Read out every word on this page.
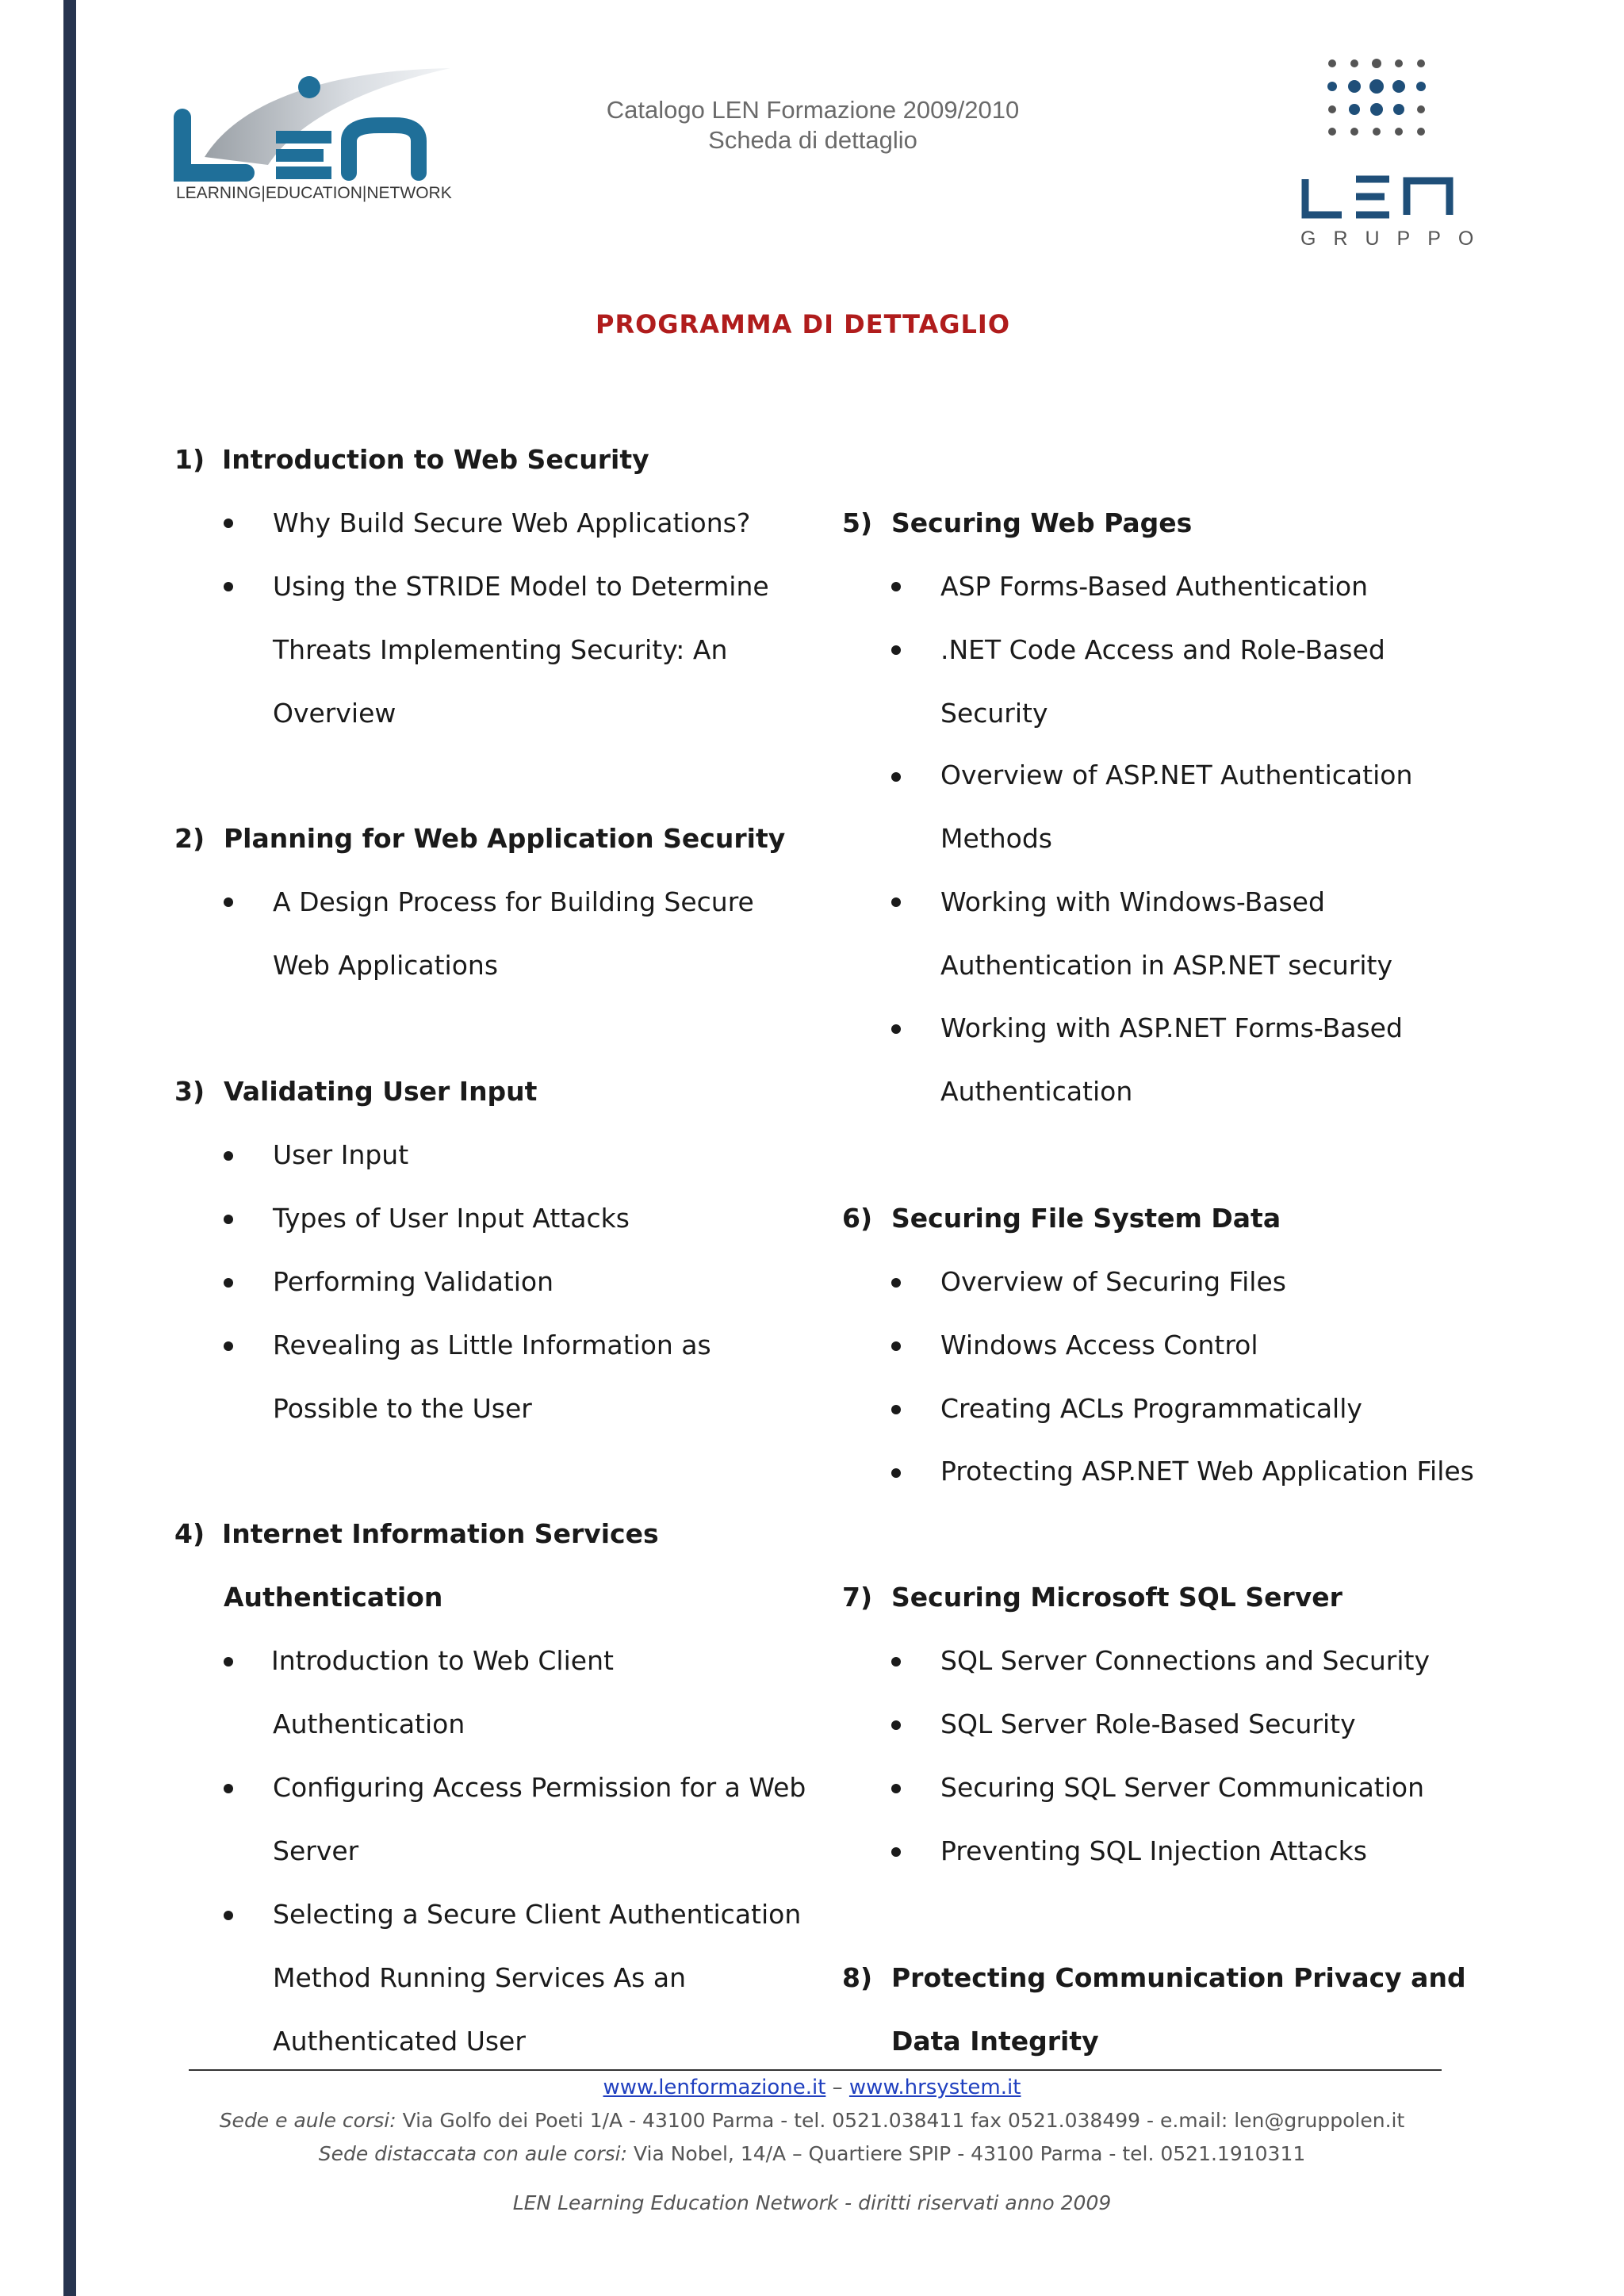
LEARNING|EDUCATION|NETWORK
Catalogo LEN Formazione 2009/2010
Scheda di dettaglio
GRUPPO
PROGRAMMA DI DETTAGLIO
1) Introduction to Web Security
Why Build Secure Web Applications?
Using the STRIDE Model to Determine
Threats Implementing Security: An
Overview
2) Planning for Web Application Security
A Design Process for Building Secure
Web Applications
3) Validating User Input
User Input
Types of User Input Attacks
Performing Validation
Revealing as Little Information as
Possible to the User
4) Internet Information Services
Authentication
Introduction to Web Client
Authentication
Configuring Access Permission for a Web
Server
Selecting a Secure Client Authentication
Method Running Services As an
Authenticated User
5) Securing Web Pages
ASP Forms-Based Authentication
.NET Code Access and Role-Based
Security
Overview of ASP.NET Authentication
Methods
Working with Windows-Based
Authentication in ASP.NET security
Working with ASP.NET Forms-Based
Authentication
6) Securing File System Data
Overview of Securing Files
Windows Access Control
Creating ACLs Programmatically
Protecting ASP.NET Web Application Files
7) Securing Microsoft SQL Server
SQL Server Connections and Security
SQL Server Role-Based Security
Securing SQL Server Communication
Preventing SQL Injection Attacks
8) Protecting Communication Privacy and
Data Integrity
www.lenformazione.it – www.hrsystem.it
Sede e aule corsi: Via Golfo dei Poeti 1/A - 43100 Parma - tel. 0521.038411 fax 0521.038499 - e.mail: len@gruppolen.it
Sede distaccata con aule corsi: Via Nobel, 14/A – Quartiere SPIP - 43100 Parma - tel. 0521.1910311
LEN Learning Education Network - diritti riservati anno 2009
